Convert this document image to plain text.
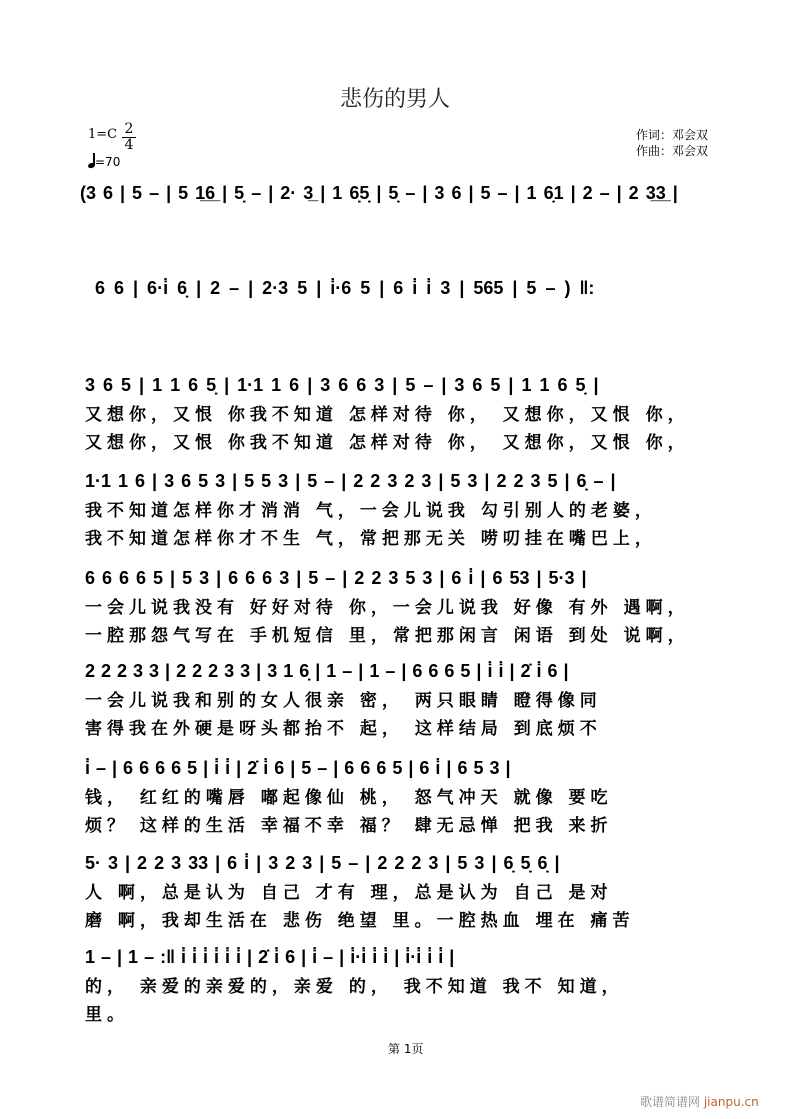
悲伤的男人
$1=C \frac{2}{4}$
=70
作词：邓会双
作曲：邓会双
(3 6 | 5 – | 5 1̲6̲ | 5̣ – | 2· 3̲ | 1 6̣5̣ | 5̣ – | 3 6 | 5 – | 1 6̣1 | 2 – | 2 3̲3̲ |
6 6 | 6·i̇ 6̣ | 2 – | 2·3 5 | i̇·6 5 | 6 i̇ i̇ 3 | 565 | 5 – ) ‖:
3 6 5 | 1 1 6 5̣ | 1·1 1 6 | 3 6 6 3 | 5 – | 3 6 5 | 1 1 6 5̣ |
又想你，又恨 你我不知道 怎样对待 你， 又想你，又恨 你，
又想你，又恨 你我不知道 怎样对待 你， 又想你，又恨 你，
1·1 1 6 | 3 6 5 3 | 5 5 3 | 5 – | 2 2 3 2 3 | 5 3 | 2 2 3 5 | 6̣ – |
我不知道怎样你才消消 气，一会儿说我 勾引别人的老婆，
我不知道怎样你才不生 气，常把那无关 唠叨挂在嘴巴上，
6 6 6 6 5 | 5 3 | 6 6 6 3 | 5 – | 2 2 3 5 3 | 6 i̇ | 6 53 | 5·3 |
一会儿说我没有 好好对待 你，一会儿说我 好像 有外 遇啊，
一腔那怨气写在 手机短信 里，常把那闲言 闲语 到处 说啊，
2 2 2 3 3 | 2 2 2 3 3 | 3 1 6̣ | 1 – | 1 – | 6 6 6 5 | i̇ i̇ | 2̇ i̇ 6 |
一会儿说我和别的女人很亲 密， 两只眼睛 瞪得像同
害得我在外硬是呀头都抬不 起， 这样结局 到底烦不
i̇ – | 6 6 6 6 5 | i̇ i̇ | 2̇ i̇ 6 | 5 – | 6 6 6 5 | 6 i̇ | 6 5 3 |
钱， 红红的嘴唇 嘟起像仙 桃， 怒气冲天 就像 要吃
烦？ 这样的生活 幸福不幸 福？ 肆无忌惮 把我 来折
5· 3 | 2 2 3 33 | 6 i̇ | 3 2 3 | 5 – | 2 2 2 3 | 5 3 | 6̣ 5̣ 6̣ |
人 啊，总是认为 自己 才有 理，总是认为 自己 是对
磨 啊，我却生活在 悲伤 绝望 里。一腔热血 埋在 痛苦
1 – | 1 – :‖ i̇ i̇ i̇ i̇ i̇ i̇ | 2̇ i̇ 6 | i̇ – | i̇·i̇ i̇ i̇ | i̇·i̇ i̇ i̇ |
的， 亲爱的亲爱的，亲爱 的， 我不知道 我不 知道，
里。
第 1页
歌谱简谱网 jianpu.cn
